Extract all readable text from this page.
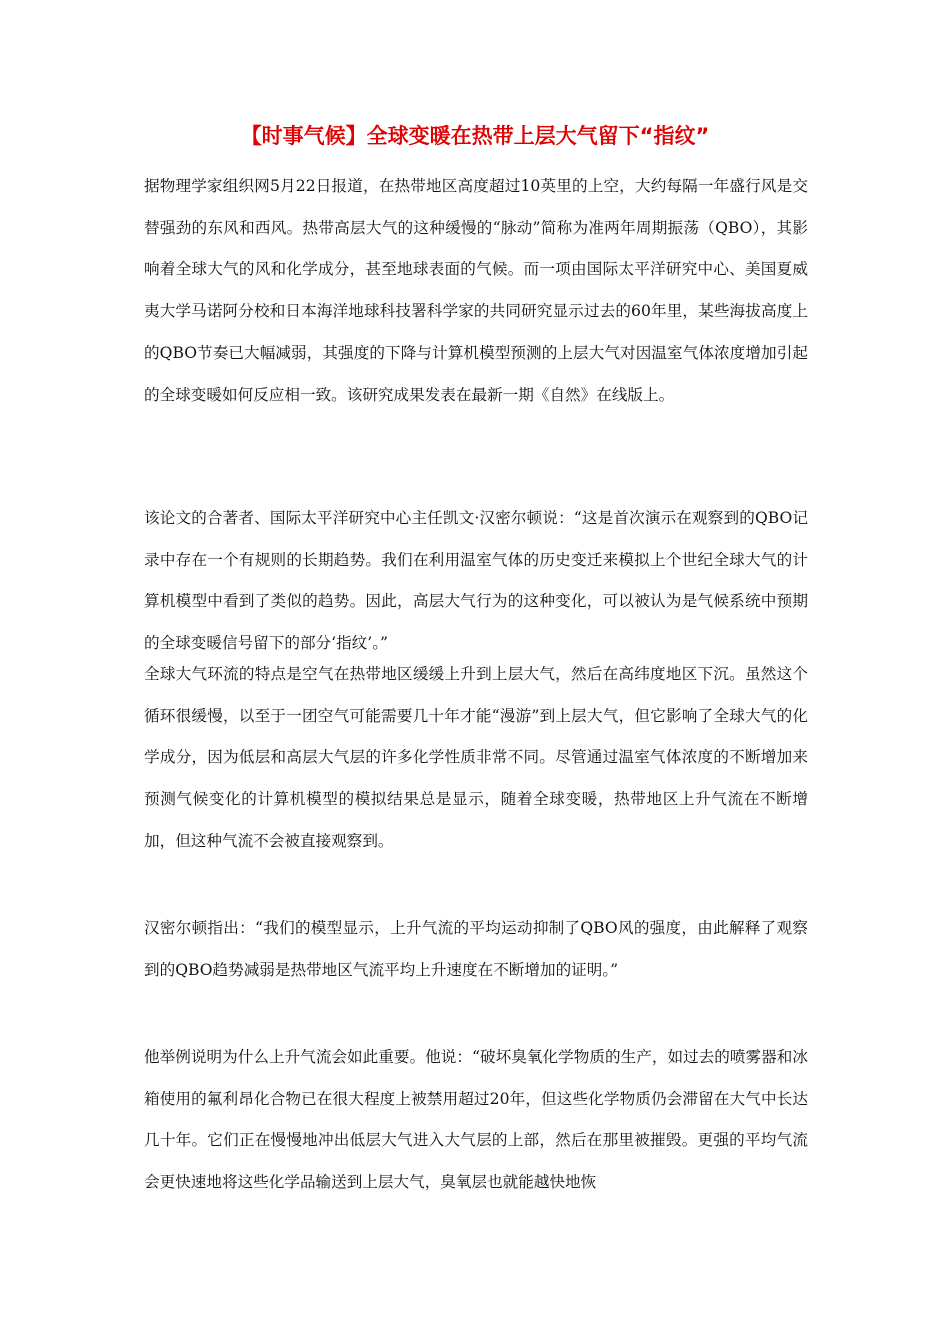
【时事气候】全球变暖在热带上层大气留下“指纹”

据物理学家组织网5月22日报道，在热带地区高度超过10英里的上空，大约每隔一年盛行风是交替强劲的东风和西风。热带高层大气的这种缓慢的“脉动”简称为准两年周期振荡（QBO），其影响着全球大气的风和化学成分，甚至地球表面的气候。而一项由国际太平洋研究中心、美国夏威夷大学马诺阿分校和日本海洋地球科技署科学家的共同研究显示过去的60年里，某些海拔高度上的QBO节奏已大幅减弱，其强度的下降与计算机模型预测的上层大气对因温室气体浓度增加引起的全球变暖如何反应相一致。该研究成果发表在最新一期《自然》在线版上。

该论文的合著者、国际太平洋研究中心主任凯文·汉密尔顿说：“这是首次演示在观察到的QBO记录中存在一个有规则的长期趋势。我们在利用温室气体的历史变迁来模拟上个世纪全球大气的计算机模型中看到了类似的趋势。因此，高层大气行为的这种变化，可以被认为是气候系统中预期的全球变暖信号留下的部分‘指纹’。”

全球大气环流的特点是空气在热带地区缓缓上升到上层大气，然后在高纬度地区下沉。虽然这个循环很缓慢，以至于一团空气可能需要几十年才能“漫游”到上层大气，但它影响了全球大气的化学成分，因为低层和高层大气层的许多化学性质非常不同。尽管通过温室气体浓度的不断增加来预测气候变化的计算机模型的模拟结果总是显示，随着全球变暖，热带地区上升气流在不断增加，但这种气流不会被直接观察到。

汉密尔顿指出：“我们的模型显示，上升气流的平均运动抑制了QBO风的强度，由此解释了观察到的QBO趋势减弱是热带地区气流平均上升速度在不断增加的证明。”

他举例说明为什么上升气流会如此重要。他说：“破坏臭氧化学物质的生产，如过去的喷雾器和冰箱使用的氟利昂化合物已在很大程度上被禁用超过20年，但这些化学物质仍会滞留在大气中长达几十年。它们正在慢慢地冲出低层大气进入大气层的上部，然后在那里被摧毁。更强的平均气流会更快速地将这些化学品输送到上层大气，臭氧层也就能越快地恢
